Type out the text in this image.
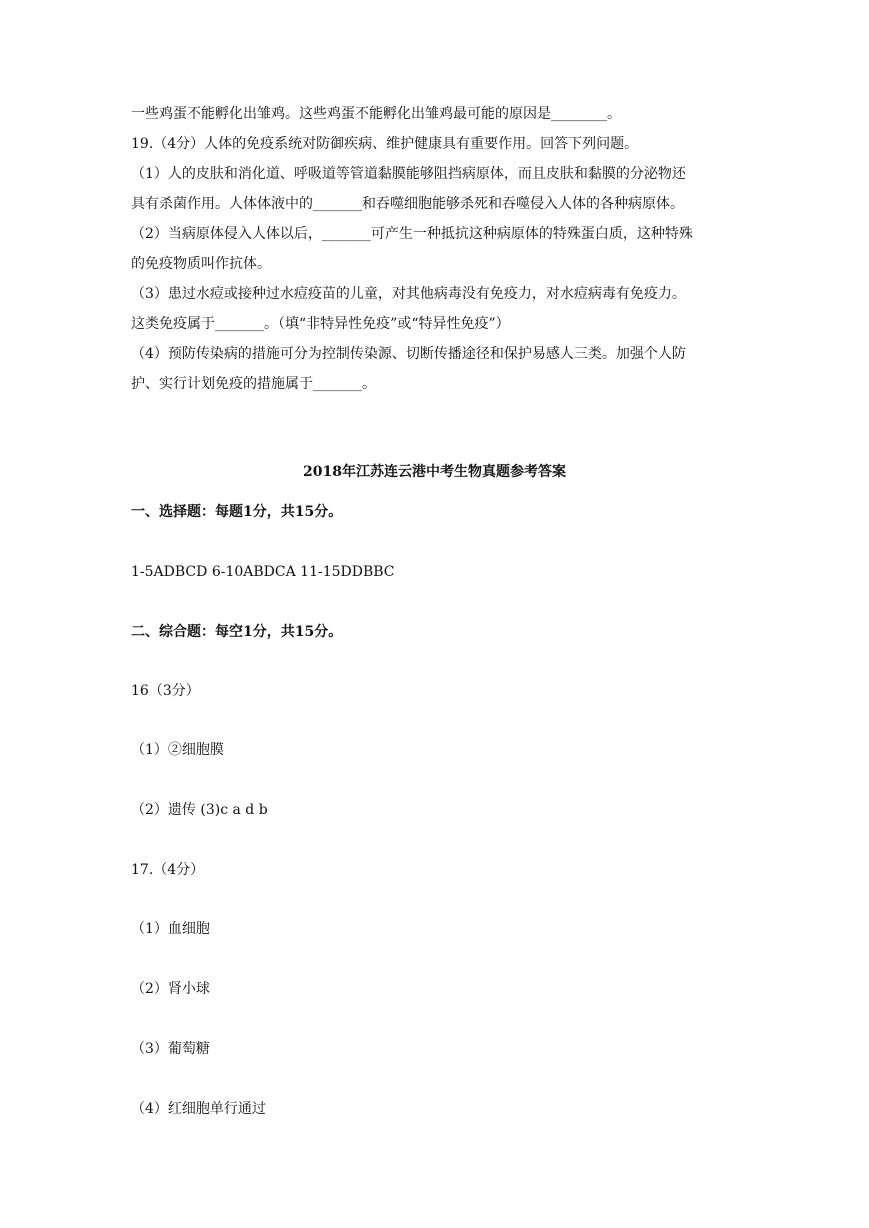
一些鸡蛋不能孵化出雏鸡。这些鸡蛋不能孵化出雏鸡最可能的原因是________。
19.（4分）人体的免疫系统对防御疾病、维护健康具有重要作用。回答下列问题。
（1）人的皮肤和消化道、呼吸道等管道黏膜能够阻挡病原体，而且皮肤和黏膜的分泌物还
具有杀菌作用。人体体液中的_______和吞噬细胞能够杀死和吞噬侵入人体的各种病原体。
（2）当病原体侵入人体以后，_______可产生一种抵抗这种病原体的特殊蛋白质，这种特殊
的免疫物质叫作抗体。
（3）患过水痘或接种过水痘疫苗的儿童，对其他病毒没有免疫力，对水痘病毒有免疫力。
这类免疫属于_______。（填“非特异性免疫”或“特异性免疫”）
（4）预防传染病的措施可分为控制传染源、切断传播途径和保护易感人三类。加强个人防
护、实行计划免疫的措施属于_______。
2018年江苏连云港中考生物真题参考答案
一、选择题：每题1分，共15分。
1-5ADBCD 6-10ABDCA 11-15DDBBC
二、综合题：每空1分，共15分。
16（3分）
（1）②细胞膜
（2）遗传 (3)c a d b
17.（4分）
（1）血细胞
（2）肾小球
（3）葡萄糖
（4）红细胞单行通过
